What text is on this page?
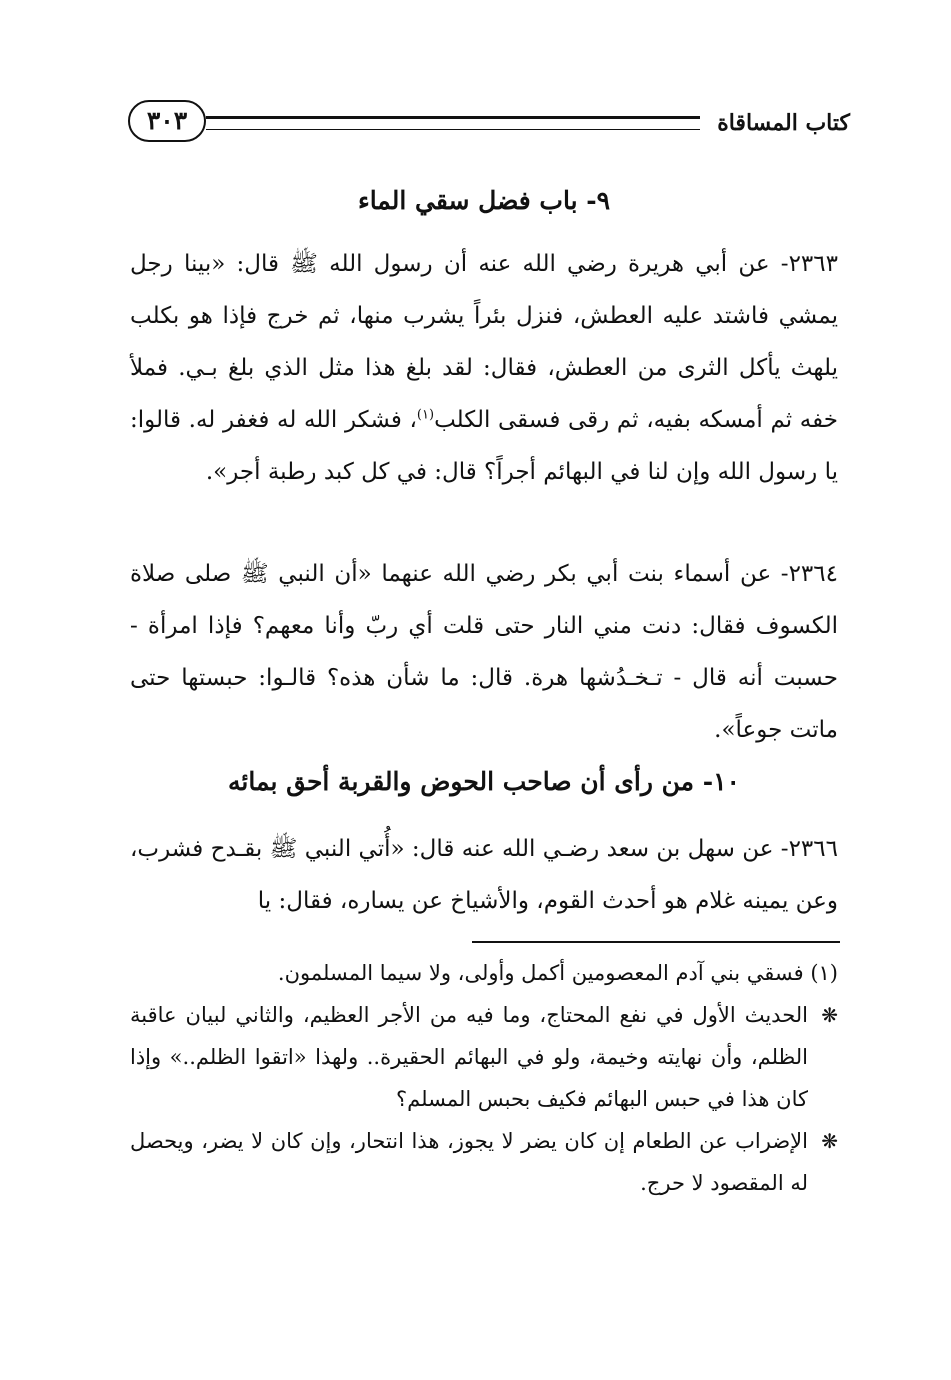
كتاب المساقاة
٣٠٣
٩- باب فضل سقي الماء

٢٣٦٣- عن أبي هريرة رضي الله عنه أن رسول الله ﷺ قال: «بينا رجل يمشي فاشتد عليه العطش، فنزل بئراً يشرب منها، ثم خرج فإذا هو بكلب يلهث يأكل الثرى من العطش، فقال: لقد بلغ هذا مثل الذي بلغ بـي. فملأ خفه ثم أمسكه بفيه، ثم رقى فسقى الكلب$^{(١)}$، فشكر الله له فغفر له. قالوا: يا رسول الله وإن لنا في البهائم أجراً؟ قال: في كل كبد رطبة أجر».

٢٣٦٤- عن أسماء بنت أبي بكر رضي الله عنهما «أن النبي ﷺ صلى صلاة الكسوف فقال: دنت مني النار حتى قلت أي ربّ وأنا معهم؟ فإذا امرأة - حسبت أنه قال - تـخـدُشها هرة. قال: ما شأن هذه؟ قالـوا: حبستها حتى ماتت جوعاً».

١٠- من رأى أن صاحب الحوض والقربة أحق بمائه

٢٣٦٦- عن سهل بن سعد رضـي الله عنه قال: «أُتي النبي ﷺ بقـدح فشرب، وعن يمينه غلام هو أحدث القوم، والأشياخ عن يساره، فقال: يا

(١) فسقي بني آدم المعصومين أكمل وأولى، ولا سيما المسلمون.

❋
الحديث الأول في نفع المحتاج، وما فيه من الأجر العظيم، والثاني لبيان عاقبة الظلم، وأن نهايته وخيمة، ولو في البهائم الحقيرة.. ولهذا «اتقوا الظلم..» وإذا كان هذا في حبس البهائم فكيف بحبس المسلم؟
❋
الإضراب عن الطعام إن كان يضر لا يجوز، هذا انتحار، وإن كان لا يضر، ويحصل له المقصود لا حرج.
